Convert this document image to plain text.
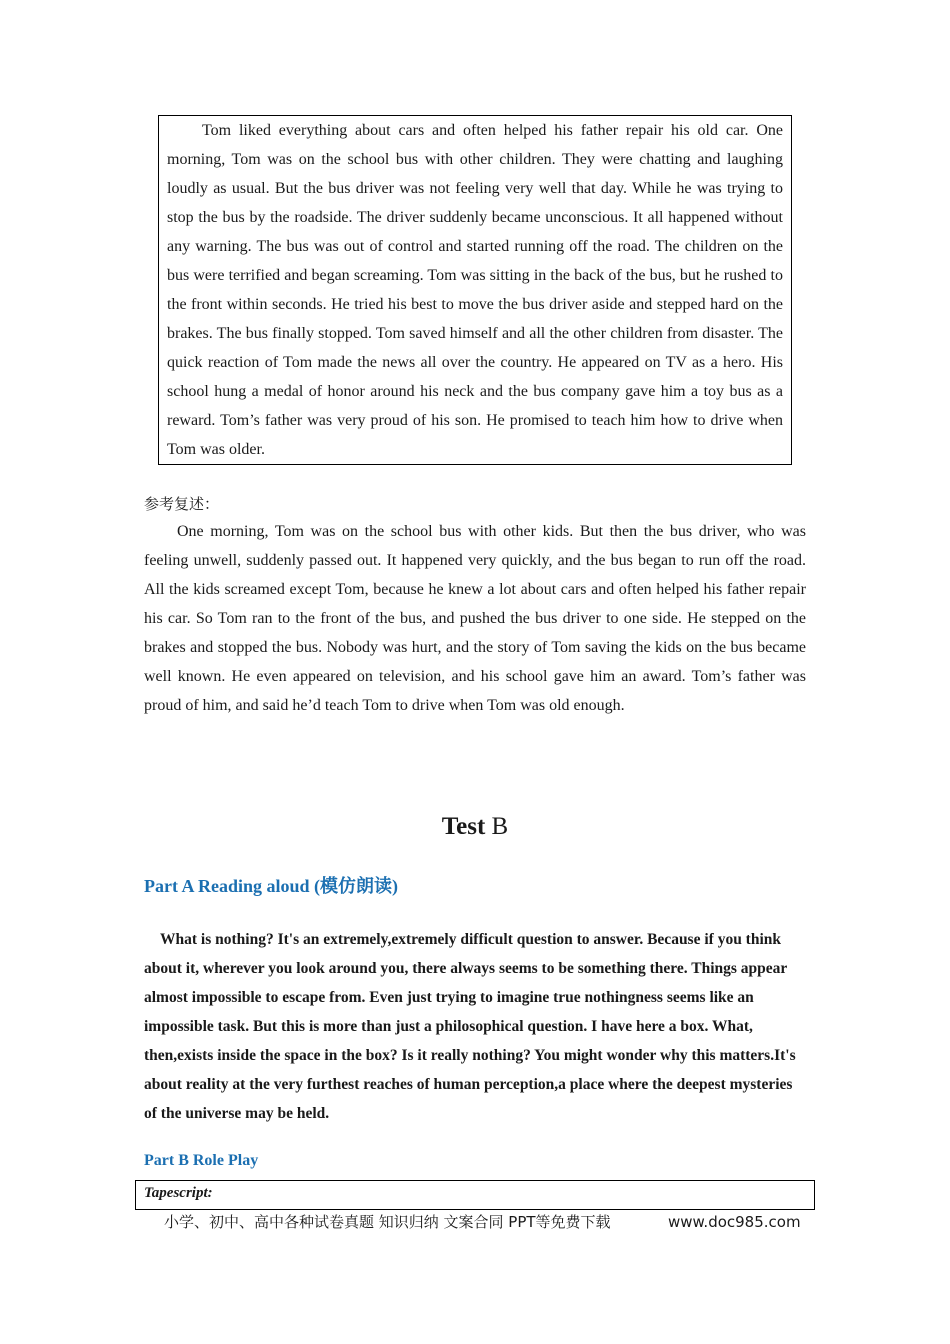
Tom liked everything about cars and often helped his father repair his old car. One morning, Tom was on the school bus with other children. They were chatting and laughing loudly as usual. But the bus driver was not feeling very well that day. While he was trying to stop the bus by the roadside. The driver suddenly became unconscious. It all happened without any warning. The bus was out of control and started running off the road. The children on the bus were terrified and began screaming. Tom was sitting in the back of the bus, but he rushed to the front within seconds. He tried his best to move the bus driver aside and stepped hard on the brakes. The bus finally stopped. Tom saved himself and all the other children from disaster. The quick reaction of Tom made the news all over the country. He appeared on TV as a hero. His school hung a medal of honor around his neck and the bus company gave him a toy bus as a reward. Tom’s father was very proud of his son. He promised to teach him how to drive when Tom was older.

参考复述：

One morning, Tom was on the school bus with other kids. But then the bus driver, who was feeling unwell, suddenly passed out. It happened very quickly, and the bus began to run off the road. All the kids screamed except Tom, because he knew a lot about cars and often helped his father repair his car. So Tom ran to the front of the bus, and pushed the bus driver to one side. He stepped on the brakes and stopped the bus. Nobody was hurt, and the story of Tom saving the kids on the bus became well known. He even appeared on television, and his school gave him an award. Tom’s father was proud of him, and said he’d teach Tom to drive when Tom was old enough.

Test B
Part A Reading aloud (模仿朗读)

What is nothing? It's an extremely,extremely difficult question to answer. Because if you think about it, wherever you look around you, there always seems to be something there. Things appear almost impossible to escape from. Even just trying to imagine true nothingness seems like an impossible task. But this is more than just a philosophical question. I have here a box. What, then,exists inside the space in the box? Is it really nothing? You might wonder why this matters.It's about reality at the very furthest reaches of human perception,a place where the deepest mysteries of the universe may be held.

Part B Role Play
Tapescript:
小学、初中、高中各种试卷真题 知识归纳 文案合同 PPT等免费下载	www.doc985.com
